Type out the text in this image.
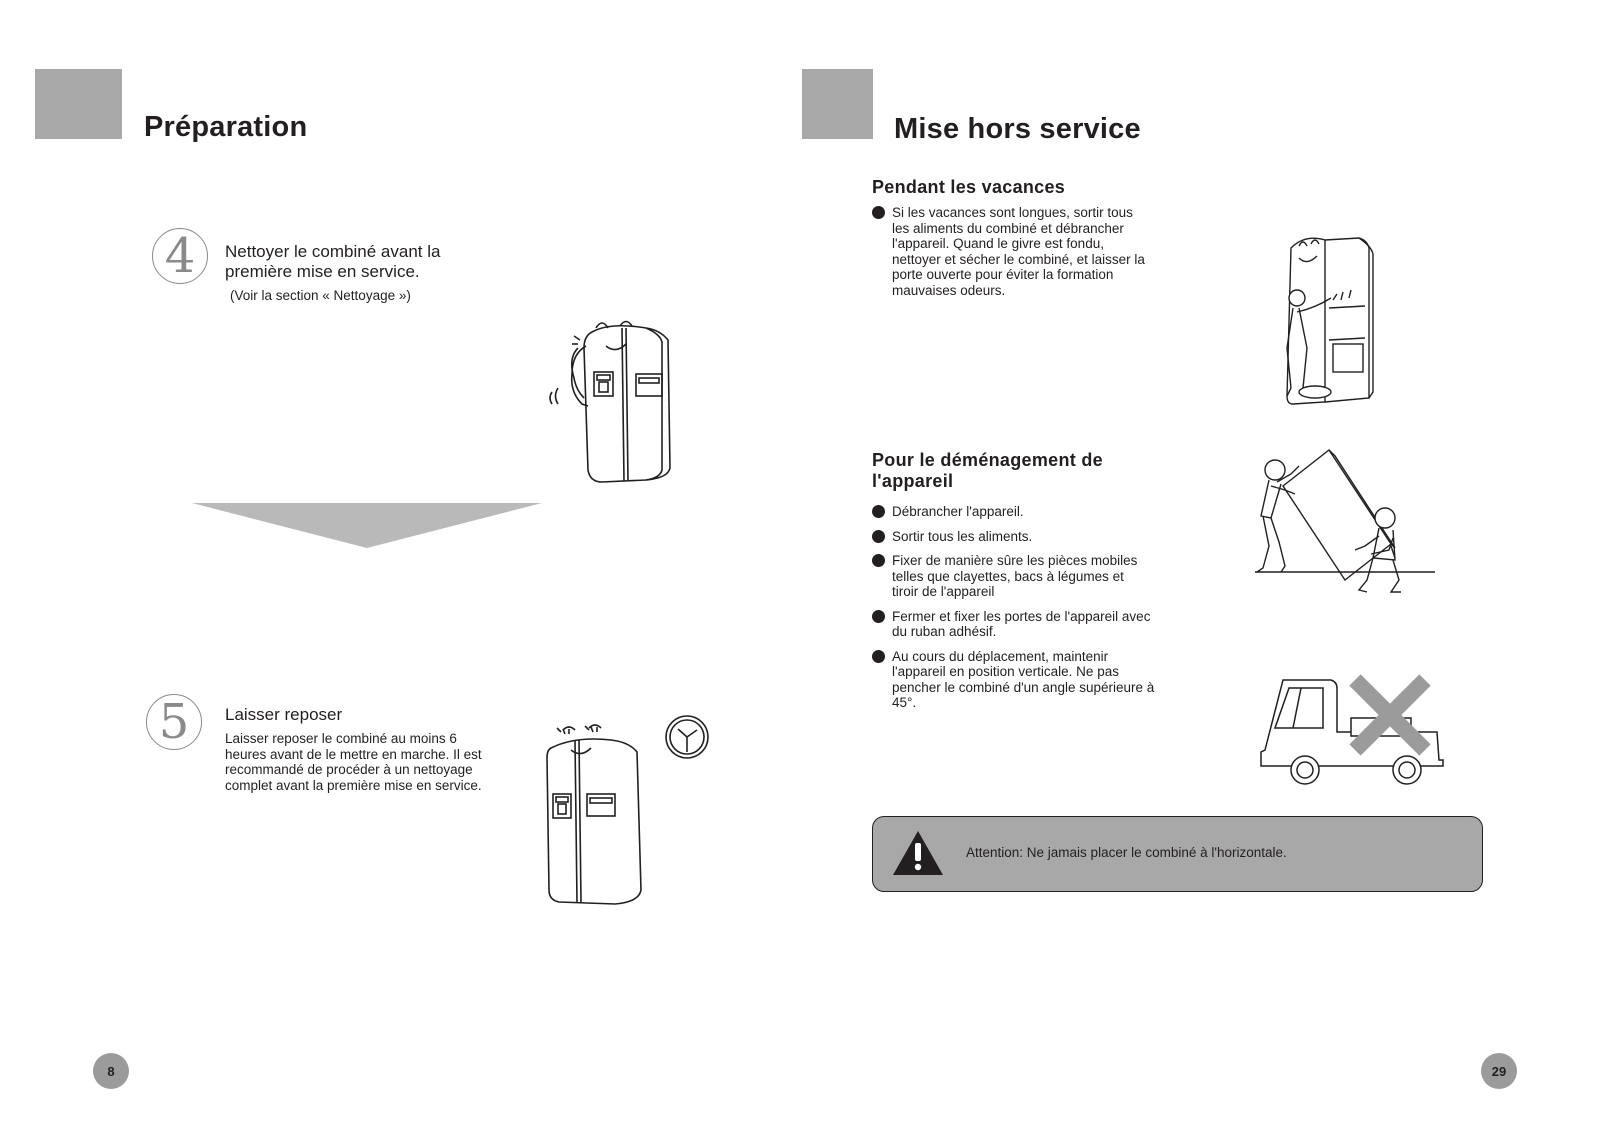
Préparation
4	Nettoyer le combiné avant la
première mise en service.
(Voir la section « Nettoyage »)
5	Laisser reposer
Laisser reposer le combiné au moins 6
heures avant de le mettre en marche. Il est
recommandé de procéder à un nettoyage
complet avant la première mise en service.
8
Mise hors service
Pendant les vacances
Si les vacances sont longues, sortir tous
les aliments du combiné et débrancher
l'appareil. Quand le givre est fondu,
nettoyer et sécher le combiné, et laisser la
porte ouverte pour éviter la formation
mauvaises odeurs.
Pour le déménagement de
l'appareil
Débrancher l'appareil.
Sortir tous les aliments.
Fixer de manière sûre les pièces mobiles
telles que clayettes, bacs à légumes et
tiroir de l'appareil
Fermer et fixer les portes de l'appareil avec
du ruban adhésif.
Au cours du déplacement, maintenir
l'appareil en position verticale. Ne pas
pencher le combiné d'un angle supérieure à
45°.
Attention: Ne jamais placer le combiné à l'horizontale.
29
